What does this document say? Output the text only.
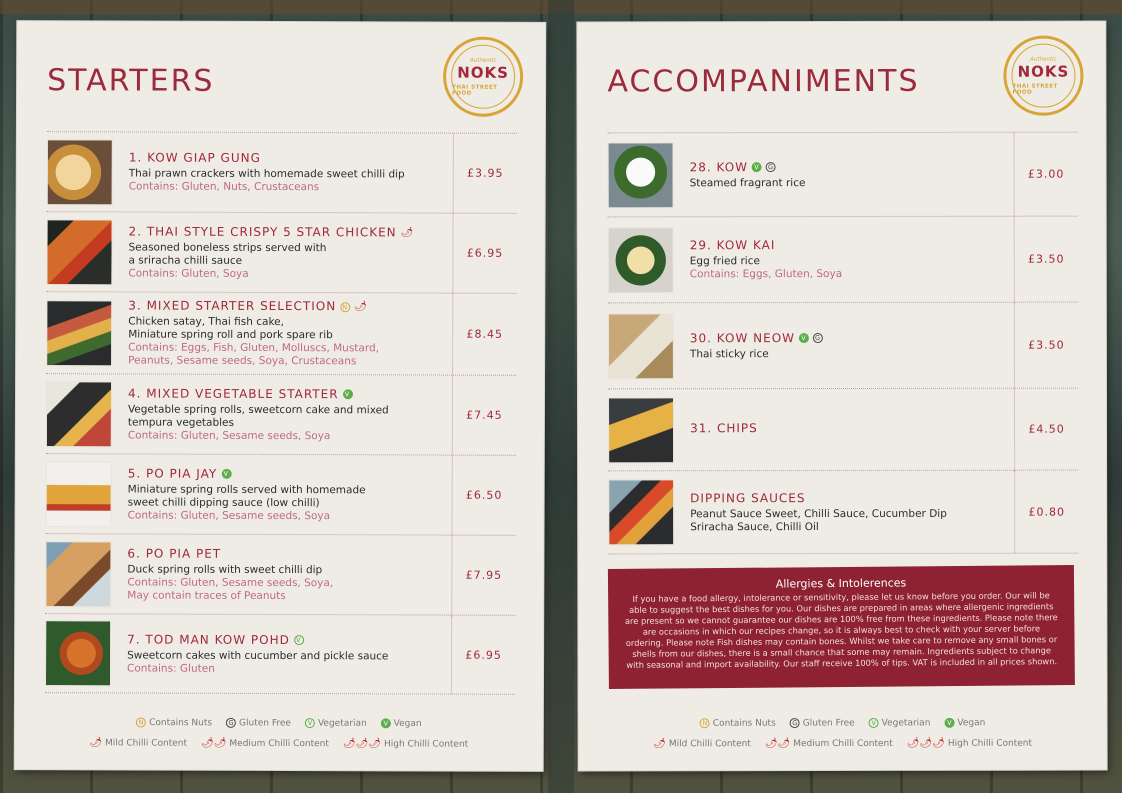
STARTERS
Authentic
NOKS
THAI STREET FOOD
1. KOW GIAP GUNG
Thai prawn crackers with homemade sweet chilli dip
Contains: Gluten, Nuts, Crustaceans
£3.95
2. THAI STYLE CRISPY 5 STAR CHICKEN 🌶
Seasoned boneless strips served with
a sriracha chilli sauce
Contains: Gluten, Soya
£6.95
3. MIXED STARTER SELECTION N 🌶
Chicken satay, Thai fish cake,
Miniature spring roll and pork spare rib
Contains: Eggs, Fish, Gluten, Molluscs, Mustard,
Peanuts, Sesame seeds, Soya, Crustaceans
£8.45
4. MIXED VEGETABLE STARTER V
Vegetable spring rolls, sweetcorn cake and mixed
tempura vegetables
Contains: Gluten, Sesame seeds, Soya
£7.45
5. PO PIA JAY V
Miniature spring rolls served with homemade
sweet chilli dipping sauce (low chilli)
Contains: Gluten, Sesame seeds, Soya
£6.50
6. PO PIA PET
Duck spring rolls with sweet chilli dip
Contains: Gluten, Sesame seeds, Soya,
May contain traces of Peanuts
£7.95
7. TOD MAN KOW POHD V
Sweetcorn cakes with cucumber and pickle sauce
Contains: Gluten
£6.95
N Contains Nuts	G Gluten Free	V Vegetarian	V Vegan
🌶 Mild Chilli Content 🌶🌶 Medium Chilli Content 🌶🌶🌶 High Chilli Content
ACCOMPANIMENTS
Authentic
NOKS
THAI STREET FOOD
28. KOW V G
Steamed fragrant rice
£3.00
29. KOW KAI
Egg fried rice
Contains: Eggs, Gluten, Soya
£3.50
30. KOW NEOW V G
Thai sticky rice
£3.50
31. CHIPS	£4.50
DIPPING SAUCES
Peanut Sauce Sweet, Chilli Sauce, Cucumber Dip
Sriracha Sauce, Chilli Oil
£0.80
Allergies & Intolerences

If you have a food allergy, intolerance or sensitivity, please let us know before you order. Our will be able to suggest the best dishes for you. Our dishes are prepared in areas where allergenic ingredients are present so we cannot guarantee our dishes are 100% free from these ingredients. Please note there are occasions in which our recipes change, so it is always best to check with your server before ordering. Please note Fish dishes may contain bones. Whilst we take care to remove any small bones or shells from our dishes, there is a small chance that some may remain. Ingredients subject to change with seasonal and import availability. Our staff receive 100% of tips. VAT is included in all prices shown.

N Contains Nuts	G Gluten Free	V Vegetarian	V Vegan
🌶 Mild Chilli Content 🌶🌶 Medium Chilli Content 🌶🌶🌶 High Chilli Content
